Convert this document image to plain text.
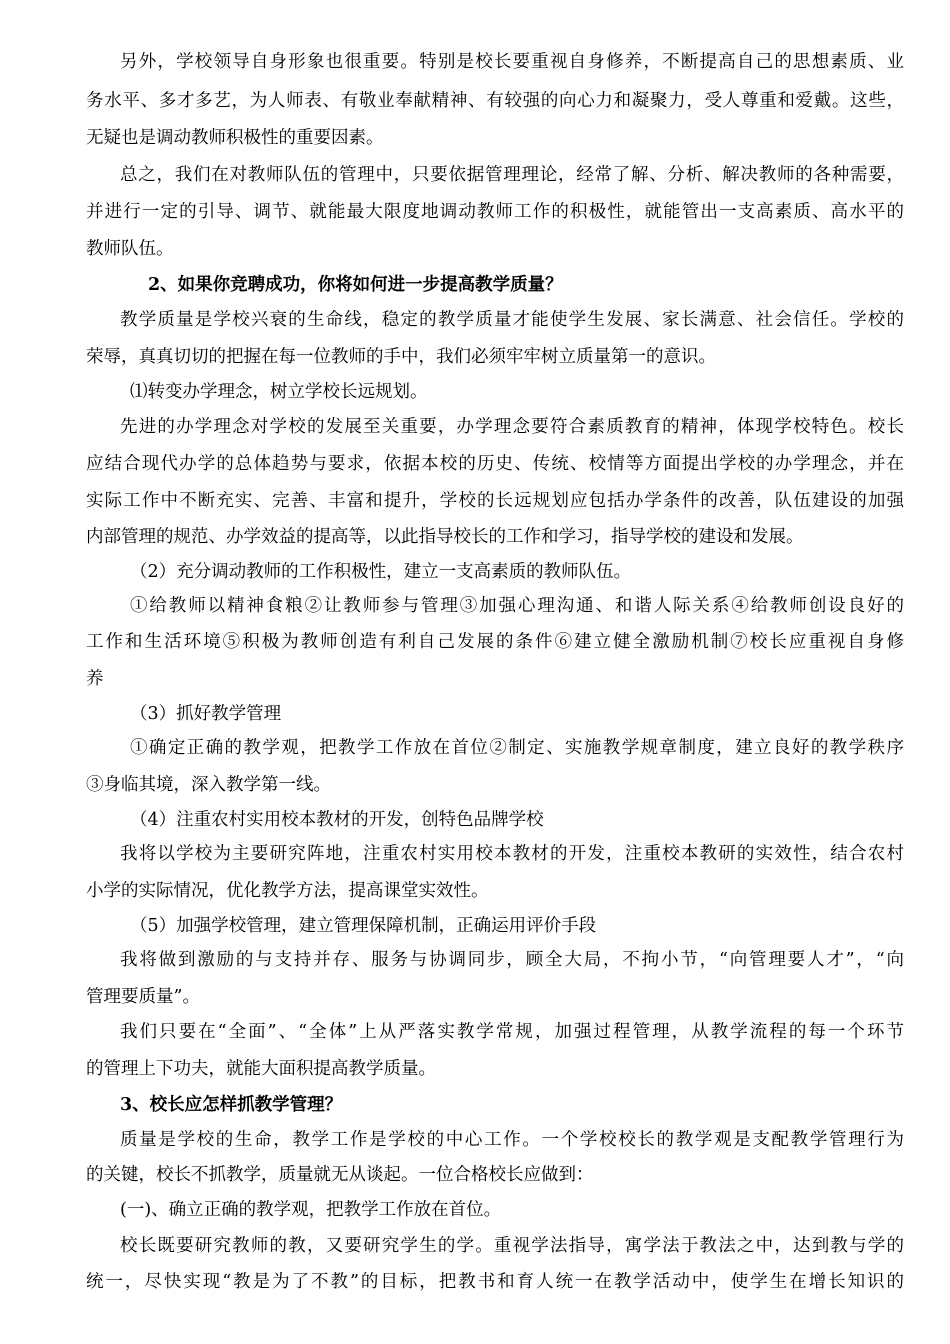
另外，学校领导自身形象也很重要。特别是校长要重视自身修养，不断提高自己的思想素质、业
务水平、多才多艺，为人师表、有敬业奉献精神、有较强的向心力和凝聚力，受人尊重和爱戴。这些，
无疑也是调动教师积极性的重要因素。
总之，我们在对教师队伍的管理中，只要依据管理理论，经常了解、分析、解决教师的各种需要，
并进行一定的引导、调节、就能最大限度地调动教师工作的积极性，就能管出一支高素质、高水平的
教师队伍。
2、如果你竞聘成功，你将如何进一步提高教学质量？
教学质量是学校兴衰的生命线，稳定的教学质量才能使学生发展、家长满意、社会信任。学校的
荣辱，真真切切的把握在每一位教师的手中，我们必须牢牢树立质量第一的意识。
⑴转变办学理念，树立学校长远规划。
先进的办学理念对学校的发展至关重要，办学理念要符合素质教育的精神，体现学校特色。校长
应结合现代办学的总体趋势与要求，依据本校的历史、传统、校情等方面提出学校的办学理念，并在
实际工作中不断充实、完善、丰富和提升，学校的长远规划应包括办学条件的改善，队伍建设的加强
内部管理的规范、办学效益的提高等，以此指导校长的工作和学习，指导学校的建设和发展。
（2）充分调动教师的工作积极性，建立一支高素质的教师队伍。
①给教师以精神食粮②让教师参与管理③加强心理沟通、和谐人际关系④给教师创设良好的
工作和生活环境⑤积极为教师创造有利自己发展的条件⑥建立健全激励机制⑦校长应重视自身修
养
（3）抓好教学管理
①确定正确的教学观，把教学工作放在首位②制定、实施教学规章制度，建立良好的教学秩序
③身临其境，深入教学第一线。
（4）注重农村实用校本教材的开发，创特色品牌学校
我将以学校为主要研究阵地，注重农村实用校本教材的开发，注重校本教研的实效性，结合农村
小学的实际情况，优化教学方法，提高课堂实效性。
（5）加强学校管理，建立管理保障机制，正确运用评价手段
我将做到激励的与支持并存、服务与协调同步，顾全大局，不拘小节，“向管理要人才”，“向
管理要质量”。
我们只要在“全面”、“全体”上从严落实教学常规，加强过程管理，从教学流程的每一个环节
的管理上下功夫，就能大面积提高教学质量。
3、校长应怎样抓教学管理？
质量是学校的生命，教学工作是学校的中心工作。一个学校校长的教学观是支配教学管理行为
的关键，校长不抓教学，质量就无从谈起。一位合格校长应做到：
(一)、确立正确的教学观，把教学工作放在首位。
校长既要研究教师的教，又要研究学生的学。重视学法指导，寓学法于教法之中，达到教与学的
统一，尽快实现“教是为了不教”的目标，把教书和育人统一在教学活动中，使学生在增长知识的
